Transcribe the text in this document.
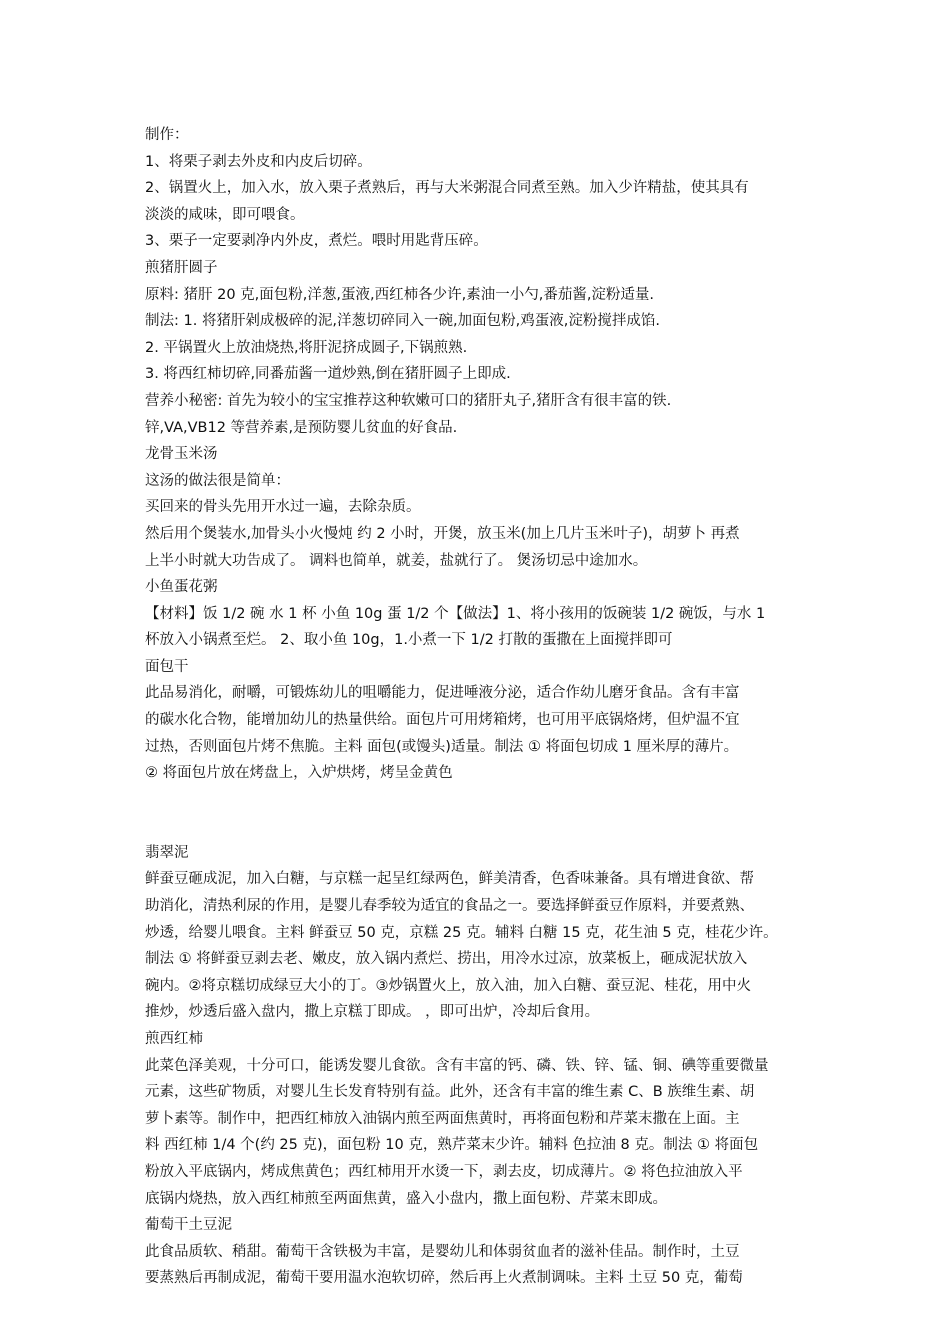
制作：
1、将栗子剥去外皮和内皮后切碎。
2、锅置火上，加入水，放入栗子煮熟后，再与大米粥混合同煮至熟。加入少许精盐，使其具有
淡淡的咸味，即可喂食。
3、栗子一定要剥净内外皮，煮烂。喂时用匙背压碎。
煎猪肝圆子
原料: 猪肝 20 克,面包粉,洋葱,蛋液,西红柿各少许,素油一小勺,番茄酱,淀粉适量.
制法: 1. 将猪肝剁成极碎的泥,洋葱切碎同入一碗,加面包粉,鸡蛋液,淀粉搅拌成馅.
2. 平锅置火上放油烧热,将肝泥挤成圆子,下锅煎熟.
3. 将西红柿切碎,同番茄酱一道炒熟,倒在猪肝圆子上即成.
营养小秘密: 首先为较小的宝宝推荐这种软嫩可口的猪肝丸子,猪肝含有很丰富的铁.
锌,VA,VB12 等营养素,是预防婴儿贫血的好食品.
龙骨玉米汤
这汤的做法很是简单：
买回来的骨头先用开水过一遍，去除杂质。
然后用个煲装水,加骨头小火慢炖 约 2 小时，开煲，放玉米(加上几片玉米叶子)，胡萝卜 再煮
上半小时就大功告成了。 调料也简单，就姜，盐就行了。 煲汤切忌中途加水。
小鱼蛋花粥
【材料】饭 1/2 碗 水 1 杯 小鱼 10g 蛋 1/2 个【做法】1、将小孩用的饭碗装 1/2 碗饭，与水 1
杯放入小锅煮至烂。 2、取小鱼 10g，1.小煮一下 1/2 打散的蛋撒在上面搅拌即可
面包干
此品易消化，耐嚼，可锻炼幼儿的咀嚼能力，促进唾液分泌，适合作幼儿磨牙食品。含有丰富
的碳水化合物，能增加幼儿的热量供给。面包片可用烤箱烤，也可用平底锅烙烤，但炉温不宜
过热，否则面包片烤不焦脆。主料 面包(或馒头)适量。制法 ① 将面包切成 1 厘米厚的薄片。
② 将面包片放在烤盘上，入炉烘烤，烤呈金黄色
翡翠泥
鲜蚕豆砸成泥，加入白糖，与京糕一起呈红绿两色，鲜美清香，色香味兼备。具有增进食欲、帮
助消化，清热利尿的作用，是婴儿春季较为适宜的食品之一。要选择鲜蚕豆作原料，并要煮熟、
炒透，给婴儿喂食。主料 鲜蚕豆 50 克，京糕 25 克。辅料 白糖 15 克，花生油 5 克，桂花少许。
制法 ① 将鲜蚕豆剥去老、嫩皮，放入锅内煮烂、捞出，用冷水过凉，放菜板上，砸成泥状放入
碗内。②将京糕切成绿豆大小的丁。③炒锅置火上，放入油，加入白糖、蚕豆泥、桂花，用中火
推炒，炒透后盛入盘内，撒上京糕丁即成。 ，即可出炉，冷却后食用。
煎西红柿
此菜色泽美观，十分可口，能诱发婴儿食欲。含有丰富的钙、磷、铁、锌、锰、铜、碘等重要微量
元素，这些矿物质，对婴儿生长发育特别有益。此外，还含有丰富的维生素 C、B 族维生素、胡
萝卜素等。制作中，把西红柿放入油锅内煎至两面焦黄时，再将面包粉和芹菜末撒在上面。主
料 西红柿 1/4 个(约 25 克)，面包粉 10 克，熟芹菜末少许。辅料 色拉油 8 克。制法 ① 将面包
粉放入平底锅内，烤成焦黄色；西红柿用开水烫一下，剥去皮，切成薄片。② 将色拉油放入平
底锅内烧热，放入西红柿煎至两面焦黄，盛入小盘内，撒上面包粉、芹菜末即成。
葡萄干土豆泥
此食品质软、稍甜。葡萄干含铁极为丰富，是婴幼儿和体弱贫血者的滋补佳品。制作时，土豆
要蒸熟后再制成泥，葡萄干要用温水泡软切碎，然后再上火煮制调味。主料 土豆 50 克，葡萄
